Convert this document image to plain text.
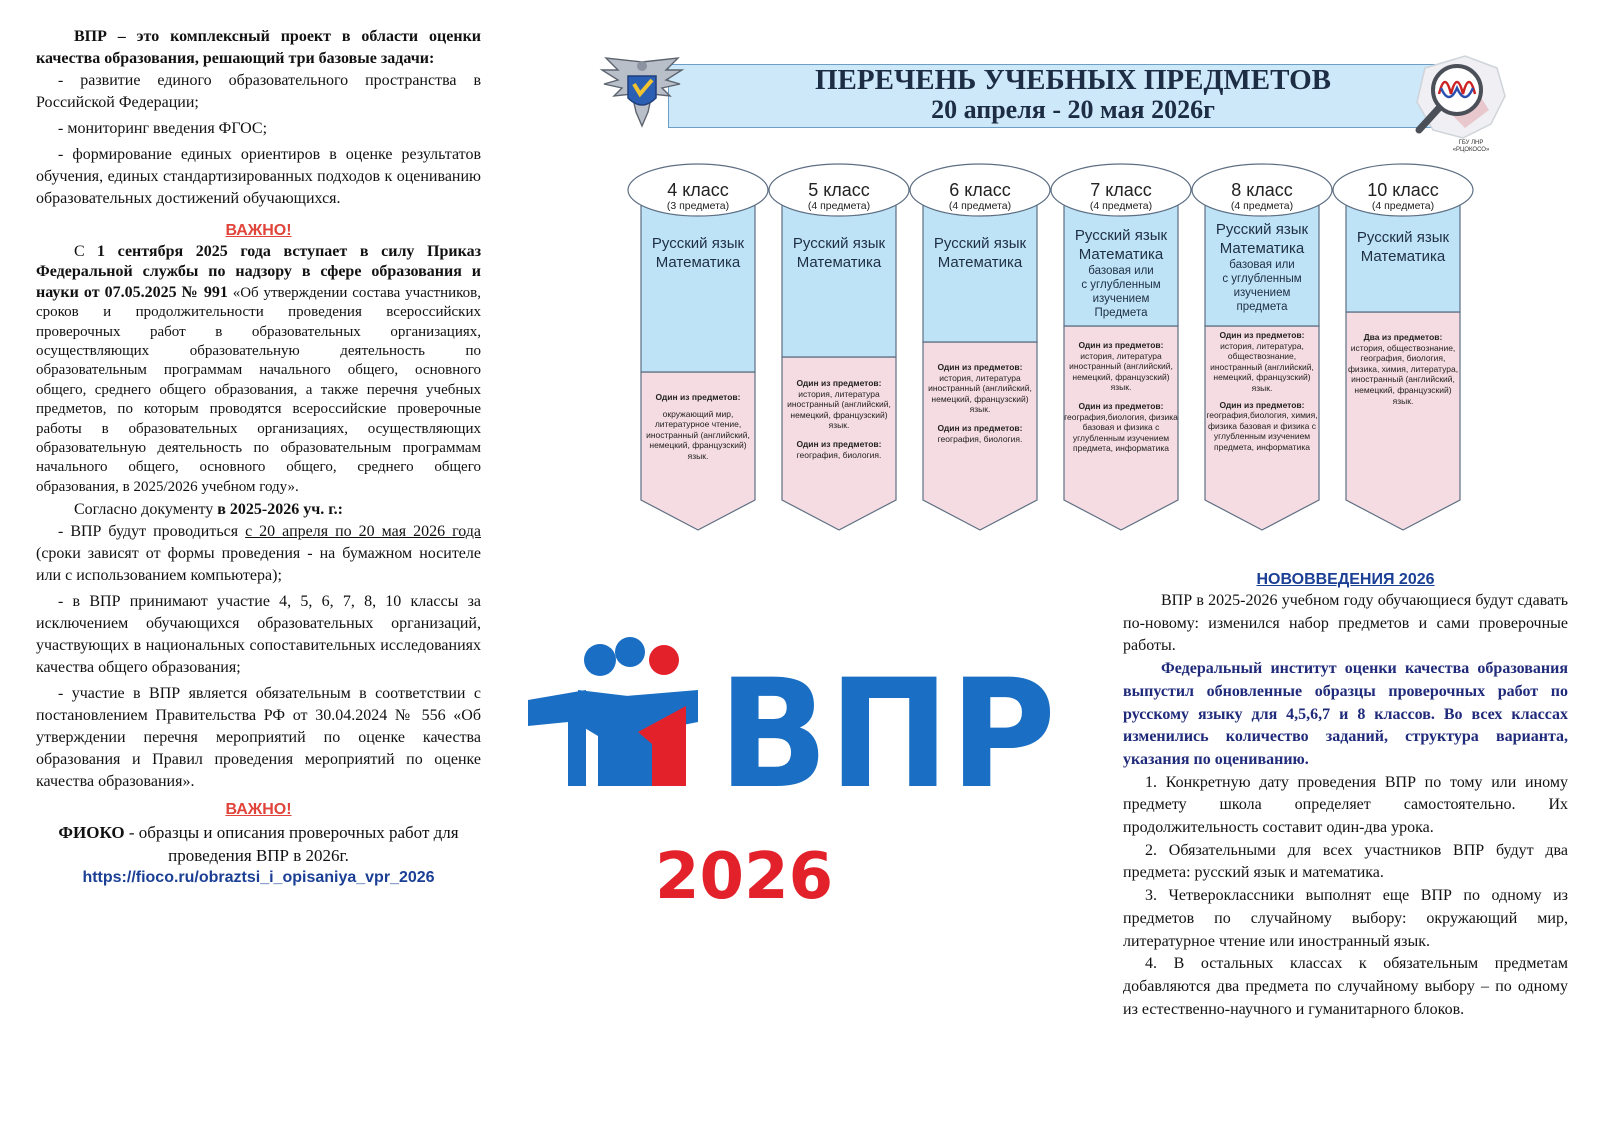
ВПР – это комплексный проект в области оценки качества образования, решающий три базовые задачи:

- развитие единого образовательного пространства в Российской Федерации;

- мониторинг введения ФГОС;

- формирование единых ориентиров в оценке результатов обучения, единых стандартизированных подходов к оцениванию образовательных достижений обучающихся.

ВАЖНО!

С 1 сентября 2025 года вступает в силу Приказ Федеральной службы по надзору в сфере образования и науки от 07.05.2025 № 991 «Об утверждении состава участников, сроков и продолжительности проведения всероссийских проверочных работ в образовательных организациях, осуществляющих образовательную деятельность по образовательным программам начального общего, основного общего, среднего общего образования, а также перечня учебных предметов, по которым проводятся всероссийские проверочные работы в образовательных организациях, осуществляющих образовательную деятельность по образовательным программам начального общего, основного общего, среднего общего образования, в 2025/2026 учебном году».

Согласно документу в 2025-2026 уч. г.:

- ВПР будут проводиться с 20 апреля по 20 мая 2026 года (сроки зависят от формы проведения - на бумажном носителе или с использованием компьютера);

- в ВПР принимают участие 4, 5, 6, 7, 8, 10 классы за исключением обучающихся образовательных организаций, участвующих в национальных сопоставительных исследованиях качества общего образования;

- участие в ВПР является обязательным в соответствии с постановлением Правительства РФ от 30.04.2024 № 556 «Об утверждении перечня мероприятий по оценке качества образования и Правил проведения мероприятий по оценке качества образования».

ВАЖНО!

ФИОКО - образцы и описания проверочных работ для проведения ВПР в 2026г.

https://fioco.ru/obraztsi_i_opisaniya_vpr_2026

ПЕРЕЧЕНЬ УЧЕБНЫХ ПРЕДМЕТОВ
20 апреля - 20 мая 2026г
ГБУ ЛНР «РЦОКОСО»
4 класс
(3 предмета)
Русский язык
Математика
Один из предметов:
окружающий мир, литературное чтение, иностранный (английский, немецкий, французский) язык.
5 класс
(4 предмета)
Русский язык
Математика
Один из предметов:
история, литература иностранный (английский, немецкий, французский) язык.
Один из предметов:
география, биология.
6 класс
(4 предмета)
Русский язык
Математика
Один из предметов:
история, литература иностранный (английский, немецкий, французский) язык.
Один из предметов:
география, биология.
7 класс
(4 предмета)
Русский язык
Математика
базовая или
с углубленным
изучением
Предмета
Один из предметов:
история, литература иностранный (английский, немецкий, французский) язык.
Один из предметов:
география,биология, физика базовая и физика с углубленным изучением предмета, информатика
8 класс
(4 предмета)
Русский язык
Математика
базовая или
с углубленным
изучением
предмета
Один из предметов:
история, литература, обществознание, иностранный (английский, немецкий, французский) язык.
Один из предметов:
география,биология, химия, физика базовая и физика с углубленным изучением предмета, информатика
10 класс
(4 предмета)
Русский язык
Математика
Два из предметов:
история, обществознание, география, биология, физика, химия, литература, иностранный (английский, немецкий, французский) язык.
ВПР
2026

НОВОВВЕДЕНИЯ 2026

ВПР в 2025-2026 учебном году обучающиеся будут сдавать по-новому: изменился набор предметов и сами проверочные работы.

Федеральный институт оценки качества образования выпустил обновленные образцы проверочных работ по русскому языку для 4,5,6,7 и 8 классов. Во всех классах изменились количество заданий, структура варианта, указания по оцениванию.

1. Конкретную дату проведения ВПР по тому или иному предмету школа определяет самостоятельно. Их продолжительность составит один-два урока.

2. Обязательными для всех участников ВПР будут два предмета: русский язык и математика.

3. Четвероклассники выполнят еще ВПР по одному из предметов по случайному выбору: окружающий мир, литературное чтение или иностранный язык.

4. В остальных классах к обязательным предметам добавляются два предмета по случайному выбору – по одному из естественно-научного и гуманитарного блоков.
